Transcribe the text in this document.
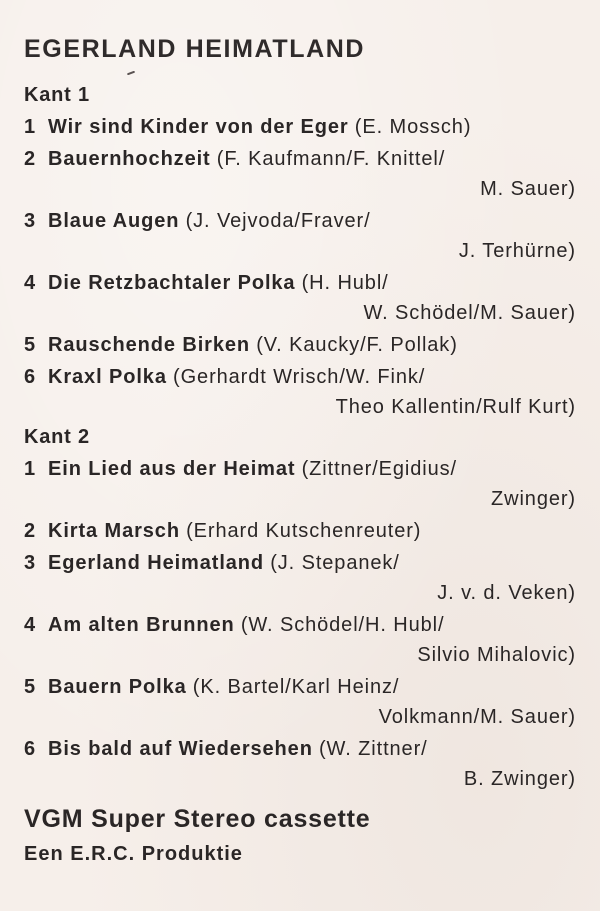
EGERLAND HEIMATLAND
Kant 1
1 Wir sind Kinder von der Eger (E. Mossch)
2 Bauernhochzeit (F. Kaufmann/F. Knittel/
M. Sauer)
3 Blaue Augen (J. Vejvoda/Fraver/
J. Terhürne)
4 Die Retzbachtaler Polka (H. Hubl/
W. Schödel/M. Sauer)
5 Rauschende Birken (V. Kaucky/F. Pollak)
6 Kraxl Polka (Gerhardt Wrisch/W. Fink/
Theo Kallentin/Rulf Kurt)
Kant 2
1 Ein Lied aus der Heimat (Zittner/Egidius/
Zwinger)
2 Kirta Marsch (Erhard Kutschenreuter)
3 Egerland Heimatland (J. Stepanek/
J. v. d. Veken)
4 Am alten Brunnen (W. Schödel/H. Hubl/
Silvio Mihalovic)
5 Bauern Polka (K. Bartel/Karl Heinz/
Volkmann/M. Sauer)
6 Bis bald auf Wiedersehen (W. Zittner/
B. Zwinger)
VGM Super Stereo cassette
Een E.R.C. Produktie
